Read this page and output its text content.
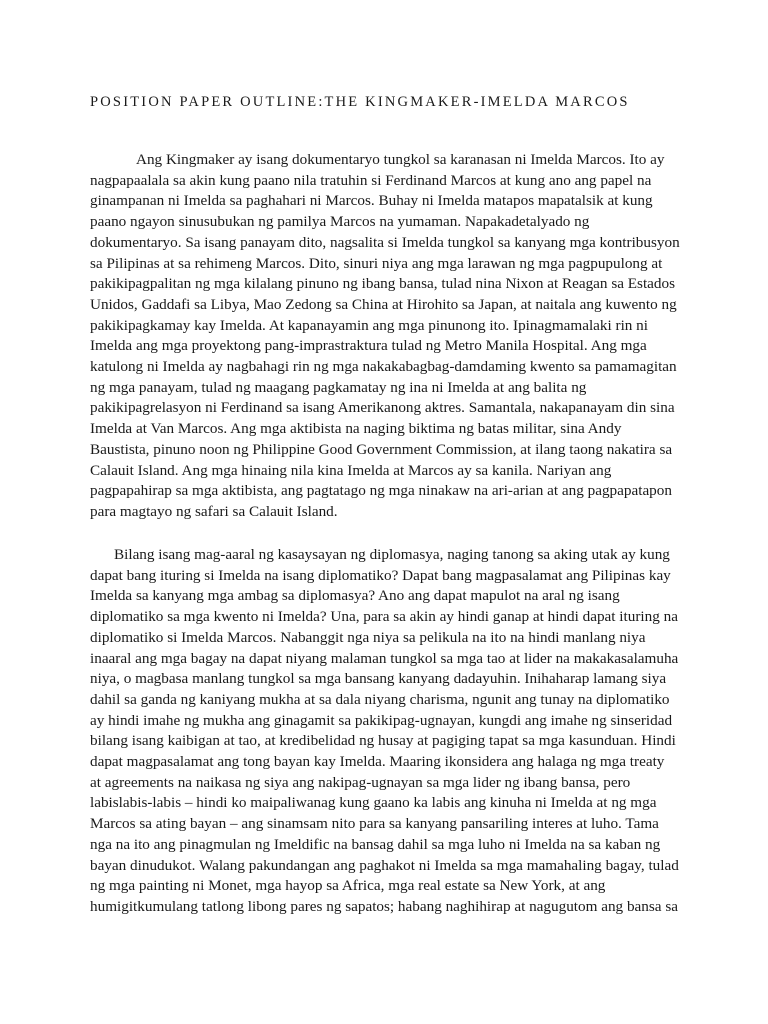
POSITION PAPER OUTLINE:THE KINGMAKER-IMELDA MARCOS

Ang Kingmaker ay isang dokumentaryo tungkol sa karanasan ni Imelda Marcos. Ito ay
nagpapaalala sa akin kung paano nila tratuhin si Ferdinand Marcos at kung ano ang papel na
ginampanan ni Imelda sa paghahari ni Marcos. Buhay ni Imelda matapos mapatalsik at kung
paano ngayon sinusubukan ng pamilya Marcos na yumaman. Napakadetalyado ng
dokumentaryo. Sa isang panayam dito, nagsalita si Imelda tungkol sa kanyang mga kontribusyon
sa Pilipinas at sa rehimeng Marcos. Dito, sinuri niya ang mga larawan ng mga pagpupulong at
pakikipagpalitan ng mga kilalang pinuno ng ibang bansa, tulad nina Nixon at Reagan sa Estados
Unidos, Gaddafi sa Libya, Mao Zedong sa China at Hirohito sa Japan, at naitala ang kuwento ng
pakikipagkamay kay Imelda. At kapanayamin ang mga pinunong ito. Ipinagmamalaki rin ni
Imelda ang mga proyektong pang-imprastraktura tulad ng Metro Manila Hospital. Ang mga
katulong ni Imelda ay nagbahagi rin ng mga nakakabagbag-damdaming kwento sa pamamagitan
ng mga panayam, tulad ng maagang pagkamatay ng ina ni Imelda at ang balita ng
pakikipagrelasyon ni Ferdinand sa isang Amerikanong aktres. Samantala, nakapanayam din sina
Imelda at Van Marcos. Ang mga aktibista na naging biktima ng batas militar, sina Andy
Baustista, pinuno noon ng Philippine Good Government Commission, at ilang taong nakatira sa
Calauit Island. Ang mga hinaing nila kina Imelda at Marcos ay sa kanila. Nariyan ang
pagpapahirap sa mga aktibista, ang pagtatago ng mga ninakaw na ari-arian at ang pagpapatapon
para magtayo ng safari sa Calauit Island.

Bilang isang mag-aaral ng kasaysayan ng diplomasya, naging tanong sa aking utak ay kung
dapat bang ituring si Imelda na isang diplomatiko? Dapat bang magpasalamat ang Pilipinas kay
Imelda sa kanyang mga ambag sa diplomasya? Ano ang dapat mapulot na aral ng isang
diplomatiko sa mga kwento ni Imelda? Una, para sa akin ay hindi ganap at hindi dapat ituring na
diplomatiko si Imelda Marcos. Nabanggit nga niya sa pelikula na ito na hindi manlang niya
inaaral ang mga bagay na dapat niyang malaman tungkol sa mga tao at lider na makakasalamuha
niya, o magbasa manlang tungkol sa mga bansang kanyang dadayuhin. Inihaharap lamang siya
dahil sa ganda ng kaniyang mukha at sa dala niyang charisma, ngunit ang tunay na diplomatiko
ay hindi imahe ng mukha ang ginagamit sa pakikipag-ugnayan, kungdi ang imahe ng sinseridad
bilang isang kaibigan at tao, at kredibelidad ng husay at pagiging tapat sa mga kasunduan. Hindi
dapat magpasalamat ang tong bayan kay Imelda. Maaring ikonsidera ang halaga ng mga treaty
at agreements na naikasa ng siya ang nakipag-ugnayan sa mga lider ng ibang bansa, pero
labislabis-labis – hindi ko maipaliwanag kung gaano ka labis ang kinuha ni Imelda at ng mga
Marcos sa ating bayan – ang sinamsam nito para sa kanyang pansariling interes at luho. Tama
nga na ito ang pinagmulan ng Imeldific na bansag dahil sa mga luho ni Imelda na sa kaban ng
bayan dinudukot. Walang pakundangan ang paghakot ni Imelda sa mga mamahaling bagay, tulad
ng mga painting ni Monet, mga hayop sa Africa, mga real estate sa New York, at ang
humigitkumulang tatlong libong pares ng sapatos; habang naghihirap at nagugutom ang bansa sa
